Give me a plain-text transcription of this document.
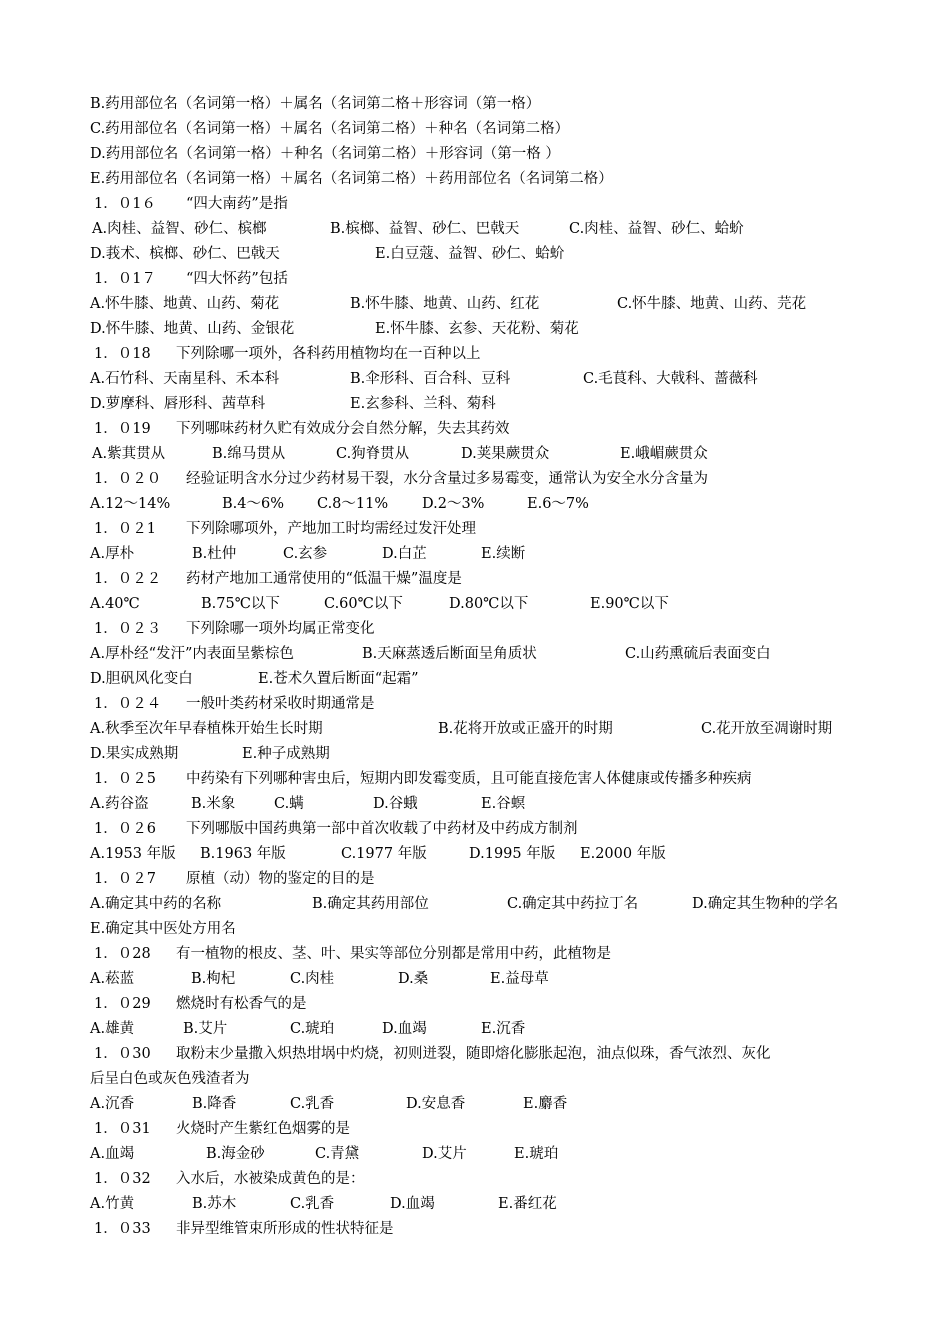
B.药用部位名（名词第一格）＋属名（名词第二格＋形容词（第一格）
C.药用部位名（名词第一格）＋属名（名词第二格）＋种名（名词第二格）
D.药用部位名（名词第一格）＋种名（名词第二格）＋形容词（第一格 ）
E.药用部位名（名词第一格）＋属名（名词第二格）＋药用部位名（名词第二格）
1．０1６ “四大南药”是指
A.肉桂、益智、砂仁、槟榔	B.槟榔、益智、砂仁、巴戟天	C.肉桂、益智、砂仁、蛤蚧
D.莪术、槟榔、砂仁、巴戟天	E.白豆蔻、益智、砂仁、蛤蚧
1．０1７ “四大怀药”包括
A.怀牛膝、地黄、山药、菊花	B.怀牛膝、地黄、山药、红花	C.怀牛膝、地黄、山药、芫花
D.怀牛膝、地黄、山药、金银花	E.怀牛膝、玄参、天花粉、菊花
1．０18 下列除哪一项外，各科药用植物均在一百种以上
A.石竹科、天南星科、禾本科	B.伞形科、百合科、豆科	C.毛茛科、大戟科、蔷薇科
D.萝摩科、唇形科、茜草科	E.玄参科、兰科、菊科
1．０19 下列哪味药材久贮有效成分会自然分解，失去其药效
A.紫萁贯从	B.绵马贯从	C.狗脊贯从	D.荚果蕨贯众	E.峨嵋蕨贯众
1．０２０ 经验证明含水分过少药材易干裂，水分含量过多易霉变，通常认为安全水分含量为
A.12～14%	B.4～6% C.8～11% D.2～3%	E.6～7%
1．０２1 下列除哪项外，产地加工时均需经过发汗处理
A.厚朴	B.杜仲	C.玄参	D.白芷	E.续断
1．０２２ 药材产地加工通常使用的“低温干燥”温度是
A.40℃	B.75℃以下	C.60℃以下	D.80℃以下	E.90℃以下
1．０２３ 下列除哪一项外均属正常变化
A.厚朴经“发汗”内表面呈紫棕色	B.天麻蒸透后断面呈角质状	C.山药熏硫后表面变白
D.胆矾风化变白	E.苍术久置后断面“起霜”
1．０２４ 一般叶类药材采收时期通常是
A.秋季至次年早春植株开始生长时期	B.花将开放或正盛开的时期	C.花开放至凋谢时期
D.果实成熟期	E.种子成熟期
1．０２5 中药染有下列哪种害虫后，短期内即发霉变质，且可能直接危害人体健康或传播多种疾病
A.药谷盗	B.米象	C.螨	D.谷蛾	E.谷螟
1．０２6 下列哪版中国药典第一部中首次收载了中药材及中药成方制剂
A.1953 年版 B.1963 年版	C.1977 年版	D.1995 年版 E.2000 年版
1．０２7 原植（动）物的鉴定的目的是
A.确定其中药的名称	B.确定其药用部位	C.确定其中药拉丁名	D.确定其生物种的学名
E.确定其中医处方用名
1．０28 有一植物的根皮、茎、叶、果实等部位分别都是常用中药，此植物是
A.菘蓝	B.枸杞	C.肉桂	D.桑	E.益母草
1．０29 燃烧时有松香气的是
A.雄黄	B.艾片	C.琥珀	D.血竭	E.沉香
1．０30 取粉末少量撒入炽热坩埚中灼烧，初则迸裂，随即熔化膨胀起泡，油点似珠，香气浓烈、灰化
后呈白色或灰色残渣者为
A.沉香	B.降香	C.乳香	D.安息香	E.麝香
1．０31 火烧时产生紫红色烟雾的是
A.血竭	B.海金砂	C.青黛	D.艾片	E.琥珀
1．０32 入水后，水被染成黄色的是：
A.竹黄	B.苏木	C.乳香	D.血竭	E.番红花
1．０33 非异型维管束所形成的性状特征是
